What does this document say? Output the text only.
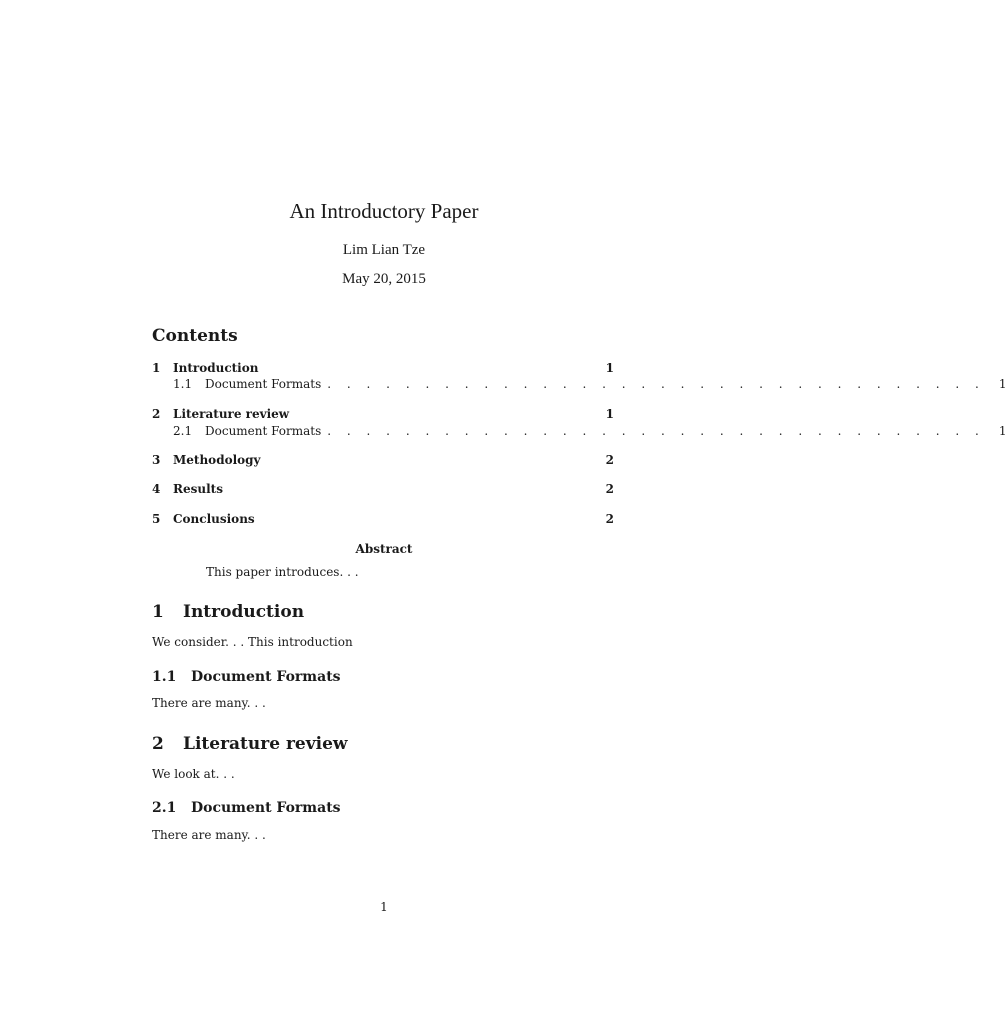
An Introductory Paper
Lim Lian Tze
May 20, 2015
Contents
1	Introduction	1
1.1	Document Formats . . . . . . . . . . . . . . . . . . . . . . . . . . . . . . . . . . 1
2	Literature review	1
2.1	Document Formats . . . . . . . . . . . . . . . . . . . . . . . . . . . . . . . . . . 1
3	Methodology	2
4	Results	2
5	Conclusions	2
Abstract
This paper introduces. . .
1	Introduction
We consider. . . This introduction
1.1	Document Formats
There are many. . .
2	Literature review
We look at. . .
2.1	Document Formats
There are many. . .
1
